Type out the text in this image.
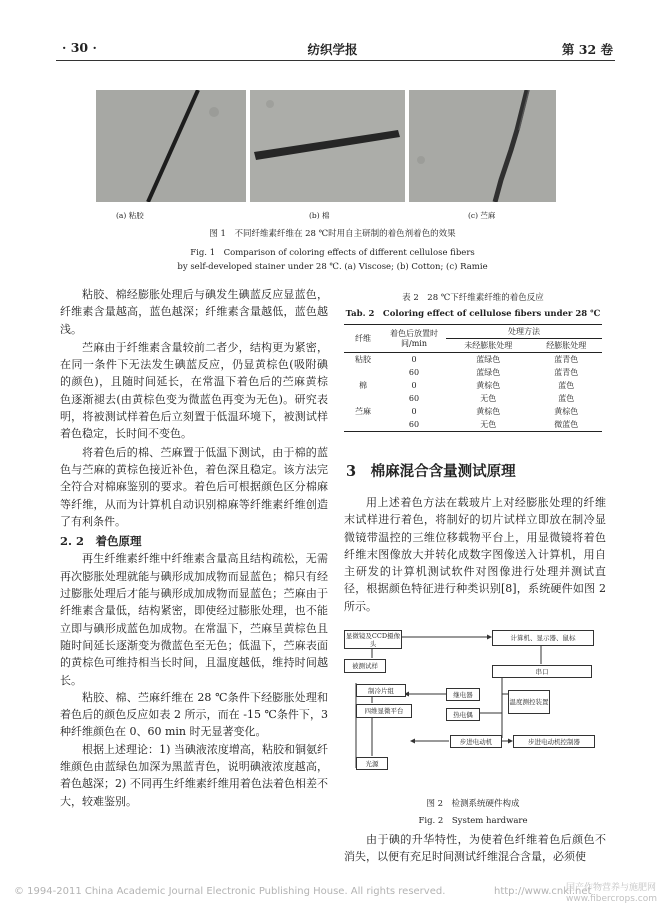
· 30 ·	纺织学报	第 32 卷
(a) 粘胶	(b) 棉	(c) 苎麻
图 1　不同纤维素纤维在 28 ℃时用自主研制的着色剂着色的效果
Fig. 1　Comparison of coloring effects of different cellulose fibers
by self-developed stainer under 28 ℃. (a) Viscose; (b) Cotton; (c) Ramie

粘胶、棉经膨胀处理后与碘发生碘蓝反应显蓝色，纤维素含量越高，蓝色越深；纤维素含量越低，蓝色越浅。

苎麻由于纤维素含量较前二者少，结构更为紧密，在同一条件下无法发生碘蓝反应，仍显黄棕色(吸附碘的颜色)，且随时间延长，在常温下着色后的苎麻黄棕色逐渐褪去(由黄棕色变为微蓝色再变为无色)。研究表明，将被测试样着色后立刻置于低温环境下，被测试样着色稳定，长时间不变色。

将着色后的棉、苎麻置于低温下测试，由于棉的蓝色与苎麻的黄棕色接近补色，着色深且稳定。该方法完全符合对棉麻鉴别的要求。着色后可根据颜色区分棉麻等纤维，从而为计算机自动识别棉麻等纤维素纤维创造了有利条件。

2. 2　着色原理

再生纤维素纤维中纤维素含量高且结构疏松，无需再次膨胀处理就能与碘形成加成物而显蓝色；棉只有经过膨胀处理后才能与碘形成加成物而显蓝色；苎麻由于纤维素含量低，结构紧密，即使经过膨胀处理，也不能立即与碘形成蓝色加成物。在常温下，苎麻呈黄棕色且随时间延长逐渐变为微蓝色至无色；低温下，苎麻表面的黄棕色可维持相当长时间，且温度越低，维持时间越长。

粘胶、棉、苎麻纤维在 28 ℃条件下经膨胀处理和着色后的颜色反应如表 2 所示，而在 -15 ℃条件下，3 种纤维颜色在 0、60 min 时无显著变化。

根据上述理论：1) 当碘液浓度增高，粘胶和铜氨纤维颜色由蓝绿色加深为黑蓝青色，说明碘液浓度越高，着色越深；2) 不同再生纤维素纤维用着色法着色相差不大，较难鉴别。

表 2　28 ℃下纤维素纤维的着色反应
Tab. 2　Coloring effect of cellulose fibers under 28 ℃
纤维	着色后放置时间/min	处理方法	
		未经膨胀处理	经膨胀处理
粘胶	0	蓝绿色	蓝青色
	60	蓝绿色	蓝青色
棉	0	黄棕色	蓝色
	60	无色	蓝色
苎麻	0	黄棕色	黄棕色
	60	无色	微蓝色
3　棉麻混合含量测试原理

用上述着色方法在载玻片上对经膨胀处理的纤维末试样进行着色，将制好的切片试样立即放在制冷显微镜带温控的三维位移载物平台上，用显微镜将着色纤维末图像放大并转化成数字图像送入计算机，用自主研发的计算机测试软件对图像进行处理并测试直径，根据颜色特征进行种类识别[8]，系统硬件如图 2 所示。

显微镜及CCD摄像头
计算机、显示器、鼠标
被测试样
串口
制冷片组	继电器
温度测控装置
热电偶
四维显微平台
步进电动机	步进电动机控制器
光源
图 2　检测系统硬件构成
Fig. 2　System hardware

由于碘的升华特性，为使着色纤维着色后颜色不消失，以便有充足时间测试纤维混合含量，必须使

© 1994-2011 China Academic Journal Electronic Publishing House. All rights reserved.	http://www.cnki.net
国产作物营养与施肥网
www.fibercrops.com
